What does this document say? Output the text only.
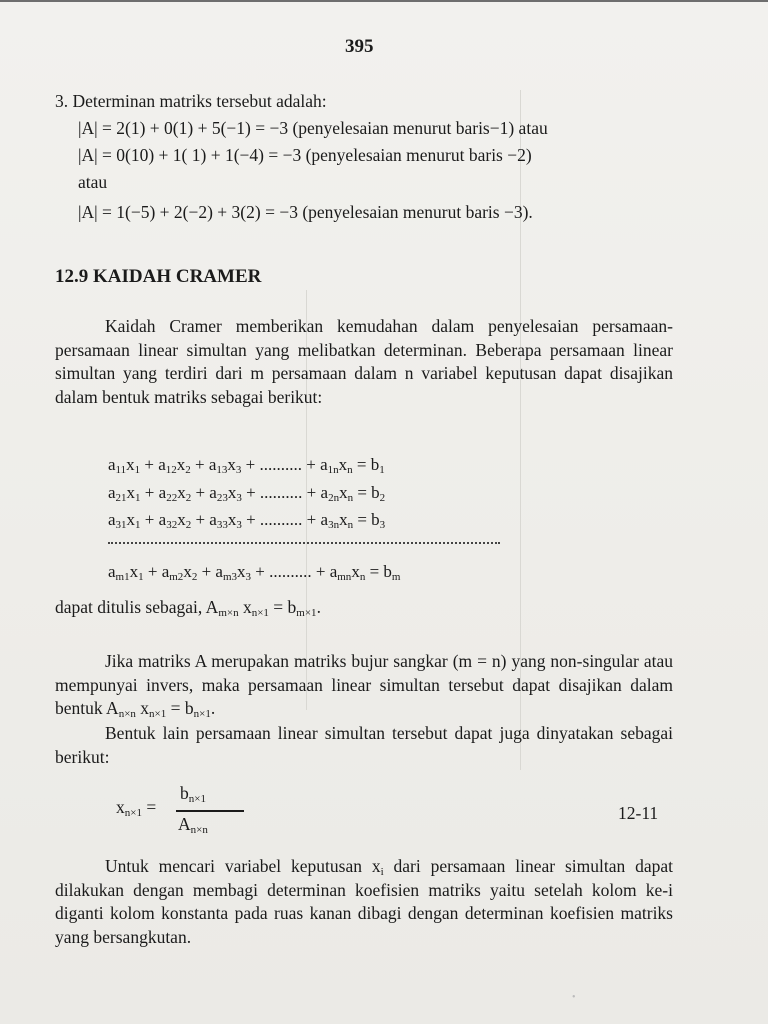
395
3. Determinan matriks tersebut adalah:
|A| = 2(1) + 0(1) + 5(−1) = −3 (penyelesaian menurut baris−1) atau
|A| = 0(10) + 1( 1) + 1(−4) = −3 (penyelesaian menurut baris −2)
atau
|A| = 1(−5) + 2(−2) + 3(2) = −3 (penyelesaian menurut baris −3).
12.9 KAIDAH CRAMER
Kaidah Cramer memberikan kemudahan dalam penyelesaian persamaan-persamaan linear simultan yang melibatkan determinan. Beberapa persamaan linear simultan yang terdiri dari m persamaan dalam n variabel keputusan dapat disajikan dalam bentuk matriks sebagai berikut:
$a_{11}x_1 + a_{12}x_2 + a_{13}x_3$ + .......... + $a_{1n}x_n = b_1$
$a_{21}x_1 + a_{22}x_2 + a_{23}x_3$ + .......... + $a_{2n}x_n = b_2$
$a_{31}x_1 + a_{32}x_2 + a_{33}x_3$ + .......... + $a_{3n}x_n = b_3$
$a_{m1}x_1 + a_{m2}x_2 + a_{m3}x_3$ + .......... + $a_{mn}x_n = b_m$
dapat ditulis sebagai, $A_{m\times n}$ $x_{n\times 1} = b_{m\times 1}$.
Jika matriks A merupakan matriks bujur sangkar (m = n) yang non-singular atau mempunyai invers, maka persamaan linear simultan tersebut dapat disajikan dalam bentuk $A_{n\times n}$ $x_{n\times 1} = b_{n\times 1}$.
Bentuk lain persamaan linear simultan tersebut dapat juga dinyatakan sebagai berikut:
$x_{n\times 1}$ =
$b_{n\times 1}$
$A_{n\times n}$
12-11
Untuk mencari variabel keputusan $x_i$ dari persamaan linear simultan dapat dilakukan dengan membagi determinan koefisien matriks yaitu setelah kolom ke-i diganti kolom konstanta pada ruas kanan dibagi dengan determinan koefisien matriks yang bersangkutan.
•
